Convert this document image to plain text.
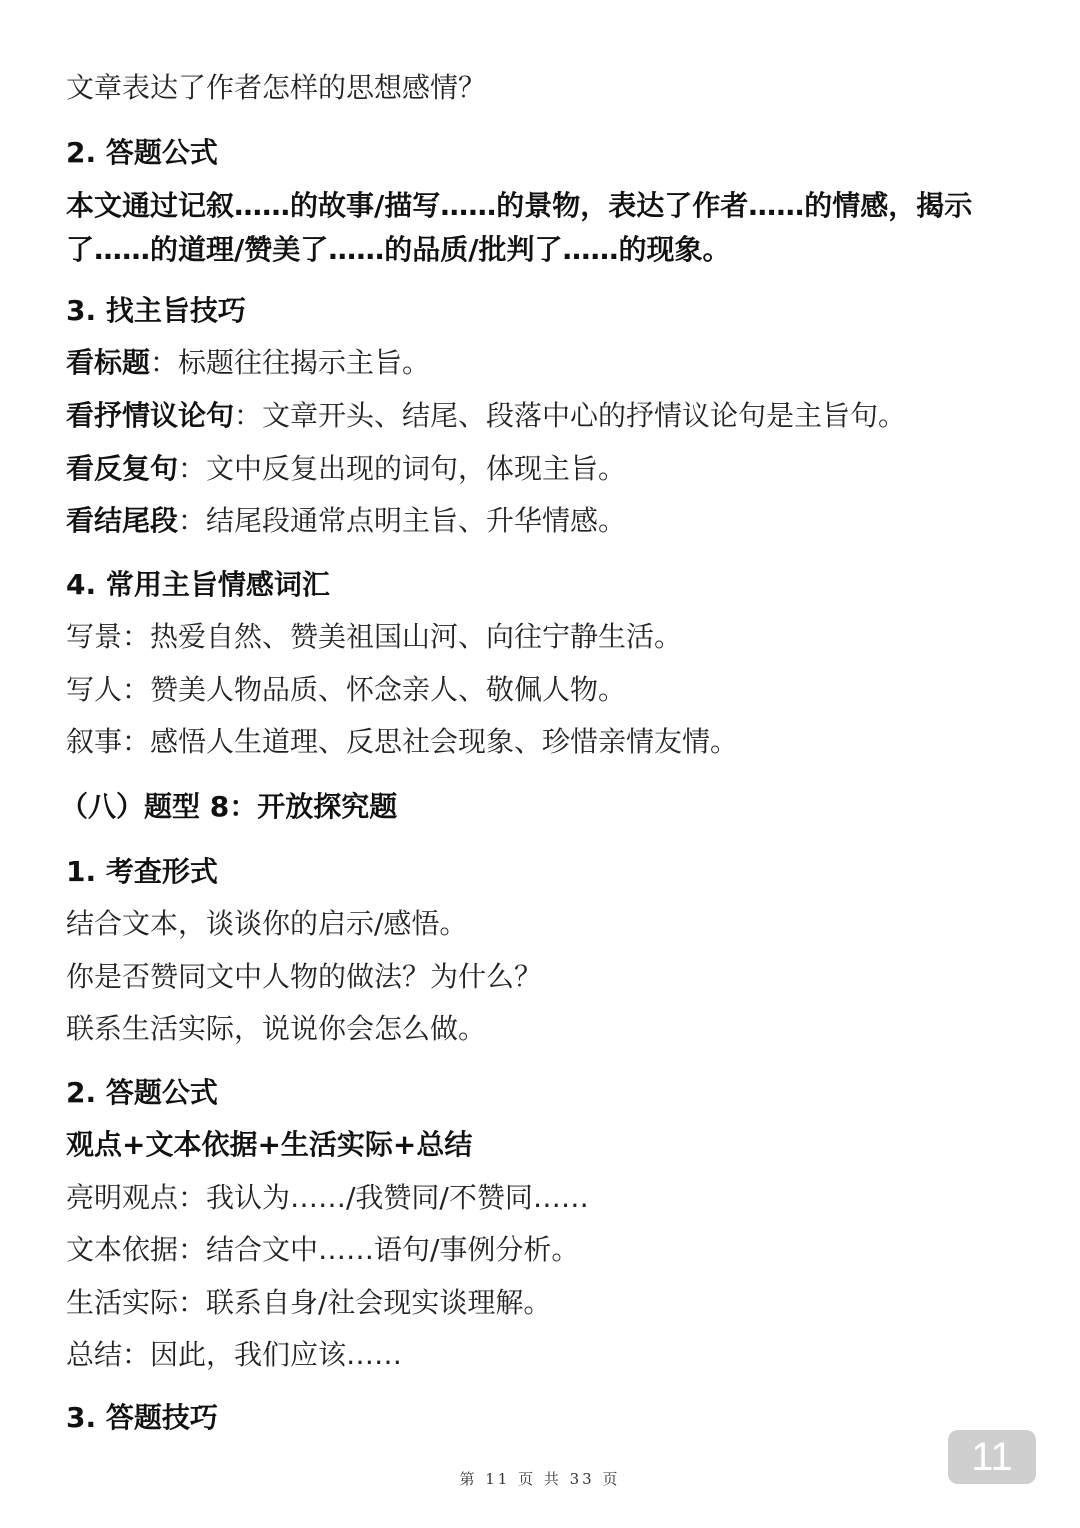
文章表达了作者怎样的思想感情？
2. 答题公式
本文通过记叙……的故事/描写……的景物，表达了作者……的情感，揭示了……的道理/赞美了……的品质/批判了……的现象。
3. 找主旨技巧
看标题：标题往往揭示主旨。
看抒情议论句：文章开头、结尾、段落中心的抒情议论句是主旨句。
看反复句：文中反复出现的词句，体现主旨。
看结尾段：结尾段通常点明主旨、升华情感。
4. 常用主旨情感词汇
写景：热爱自然、赞美祖国山河、向往宁静生活。
写人：赞美人物品质、怀念亲人、敬佩人物。
叙事：感悟人生道理、反思社会现象、珍惜亲情友情。
（八）题型 8：开放探究题
1. 考查形式
结合文本，谈谈你的启示/感悟。
你是否赞同文中人物的做法？为什么？
联系生活实际，说说你会怎么做。
2. 答题公式
观点+文本依据+生活实际+总结
亮明观点：我认为……/我赞同/不赞同……
文本依据：结合文中……语句/事例分析。
生活实际：联系自身/社会现实谈理解。
总结：因此，我们应该……
3. 答题技巧
11
第 11 页 共 33 页
